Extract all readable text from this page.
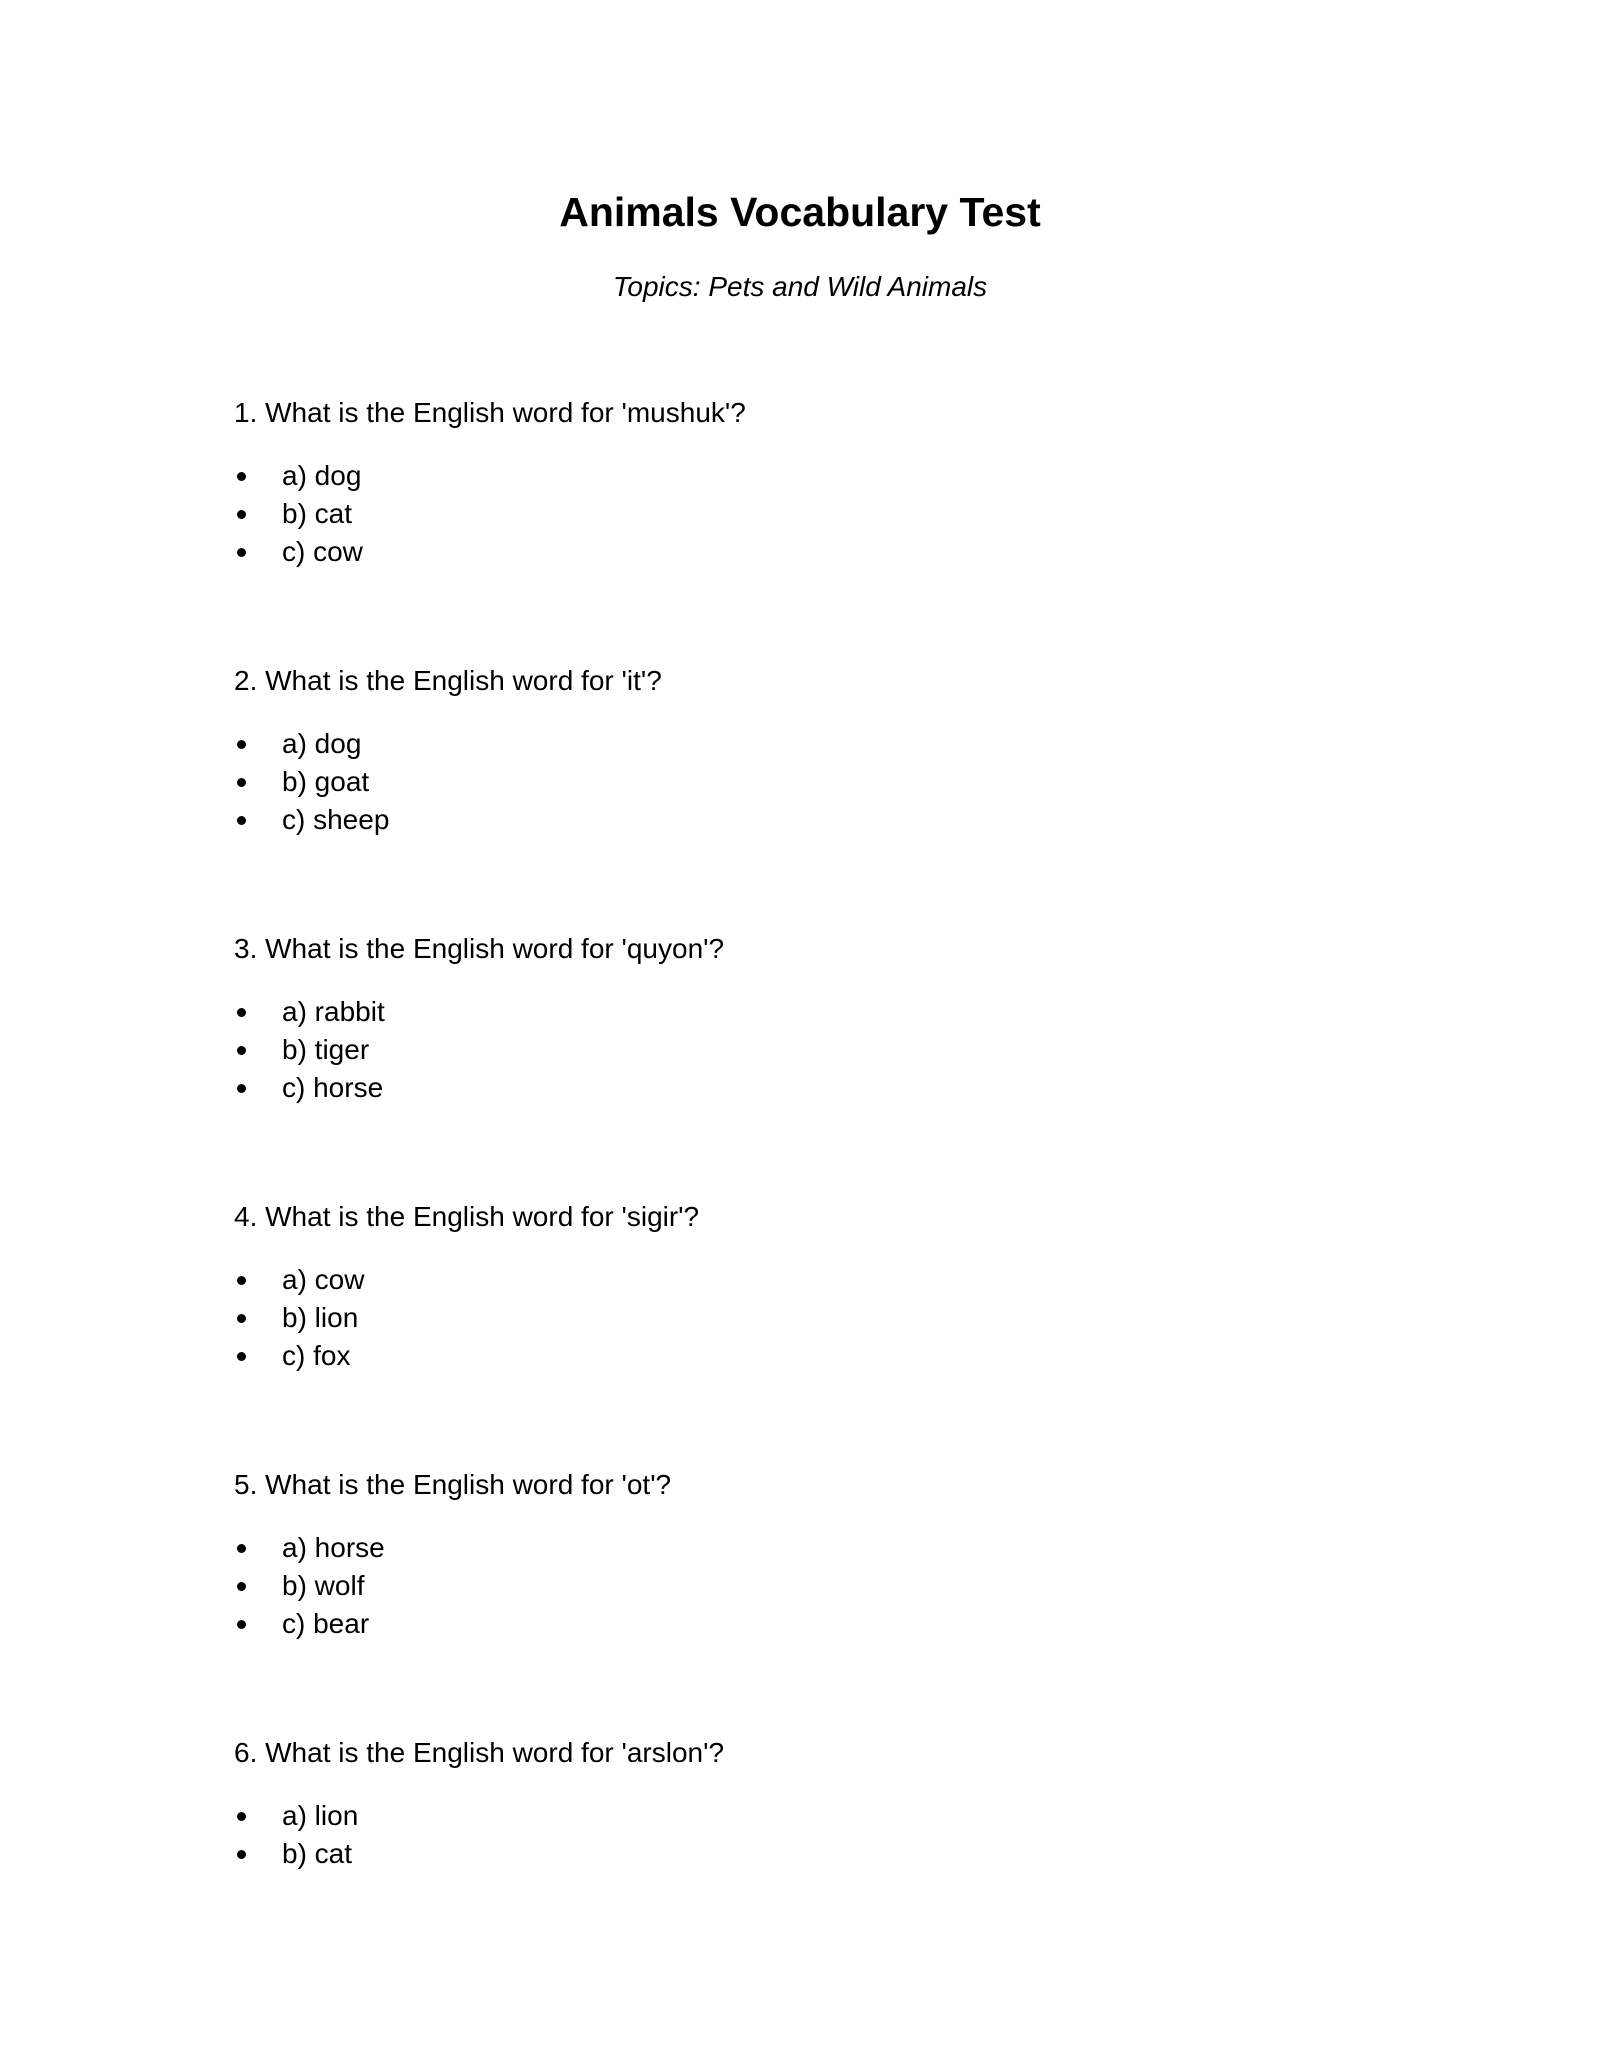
Animals Vocabulary Test

Topics: Pets and Wild Animals

1. What is the English word for 'mushuk'?

a) dog
b) cat
c) cow

2. What is the English word for 'it'?

a) dog
b) goat
c) sheep

3. What is the English word for 'quyon'?

a) rabbit
b) tiger
c) horse

4. What is the English word for 'sigir'?

a) cow
b) lion
c) fox

5. What is the English word for 'ot'?

a) horse
b) wolf
c) bear

6. What is the English word for 'arslon'?

a) lion
b) cat
